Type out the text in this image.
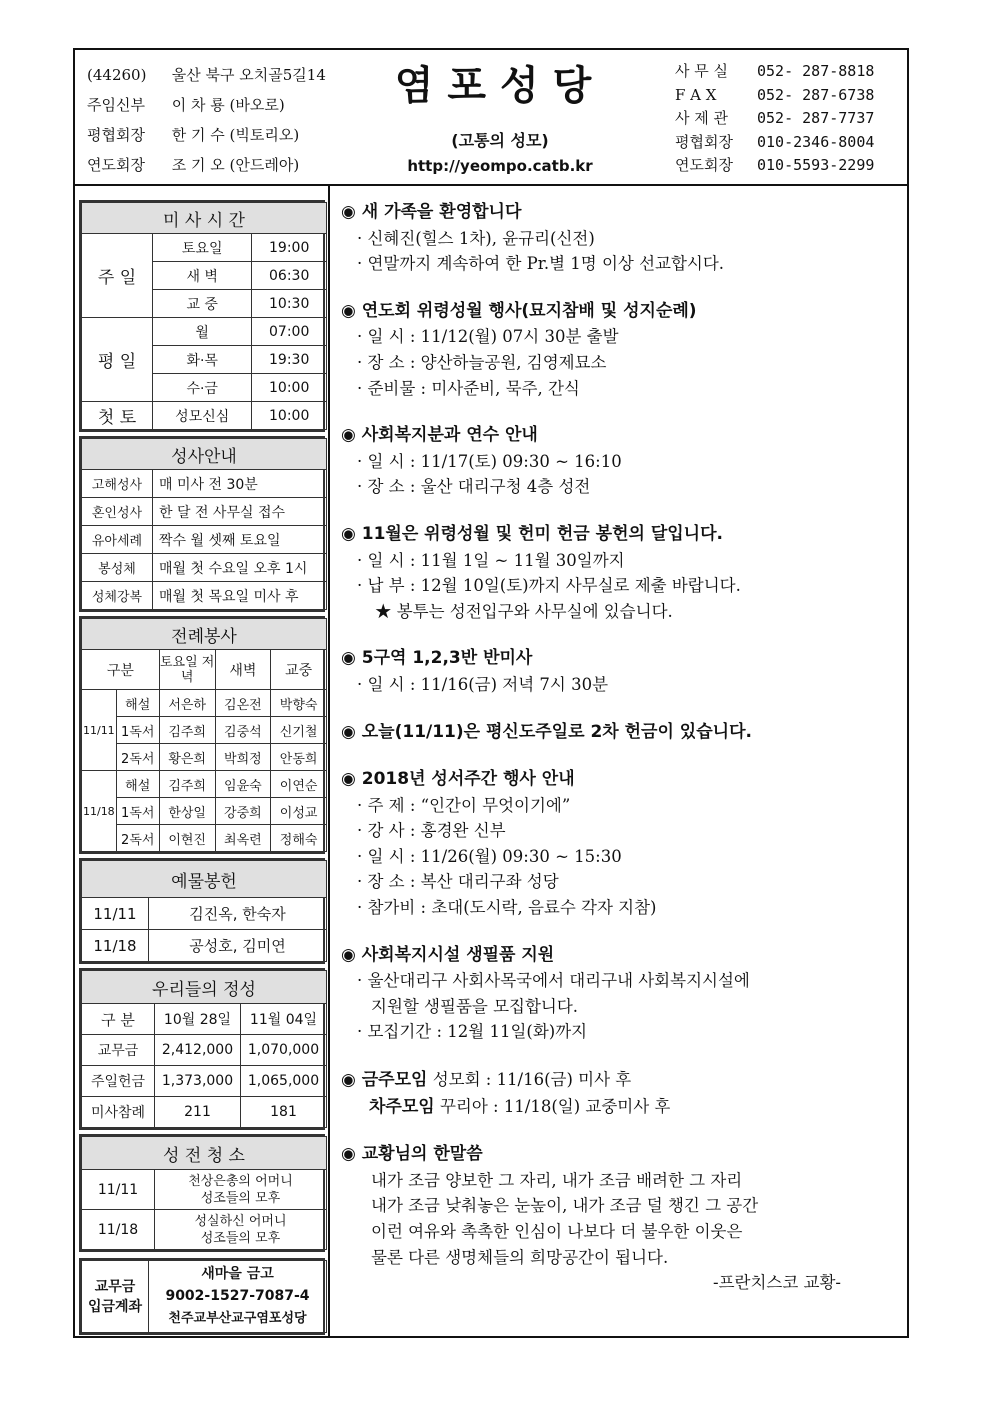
(44260) 울산 북구 오치골5길14
주임신부 이 차 룡 (바오로)
평협회장 한 기 수 (빅토리오)
연도회장 조 기 오 (안드레아)
염포성당
(고통의 성모)
http://yeompo.catb.kr
사 무 실 052- 287-8818
F A X	052- 287-6738
사 제 관 052- 287-7737
평협회장 010-2346-8004
연도회장 010-5593-2299
미 사 시 간		
주 일	토요일	19:00
	새 벽	06:30
	교 중	10:30
평 일	월	07:00
	화·목	19:30
	수·금	10:00
첫 토	성모신심	10:00
성사안내	
고해성사	매 미사 전 30분
혼인성사	한 달 전 사무실 접수
유아세례	짝수 월 셋째 토요일
봉성체	매월 첫 수요일 오후 1시
성체강복	매월 첫 목요일 미사 후
전례봉사				
구분		토요일 저녁	새벽	교중
11/11	해설	서은하	김온전	박향숙
	1독서	김주희	김중석	신기철
	2독서	황은희	박희정	안동희
11/18	해설	김주희	임윤숙	이연순
	1독서	한상일	강중희	이성교
	2독서	이현진	최옥련	정해숙
예물봉헌	
11/11	김진옥, 한숙자
11/18	공성호, 김미연
우리들의 정성		
구 분	10월 28일	11월 04일
교무금	2,412,000	1,070,000
주일헌금	1,373,000	1,065,000
미사참례	211	181
성 전 청 소	
11/11	천상은총의 어머니
성조들의 모후
11/18	성실하신 어머니
성조들의 모후
교무금
입금계좌	새마을 금고
9002-1527-7087-4
천주교부산교구염포성당
◉ 새 가족을 환영합니다
· 신혜진(힐스 1차), 윤규리(신전)
· 연말까지 계속하여 한 Pr.별 1명 이상 선교합시다.
◉ 연도회 위령성월 행사(묘지참배 및 성지순례)
· 일 시 : 11/12(월) 07시 30분 출발
· 장 소 : 양산하늘공원, 김영제묘소
· 준비물 : 미사준비, 묵주, 간식
◉ 사회복지분과 연수 안내
· 일 시 : 11/17(토) 09:30 ~ 16:10
· 장 소 : 울산 대리구청 4층 성전
◉ 11월은 위령성월 및 헌미 헌금 봉헌의 달입니다.
· 일 시 : 11월 1일 ~ 11월 30일까지
· 납 부 : 12월 10일(토)까지 사무실로 제출 바랍니다.
★ 봉투는 성전입구와 사무실에 있습니다.
◉ 5구역 1,2,3반 반미사
· 일 시 : 11/16(금) 저녁 7시 30분
◉ 오늘(11/11)은 평신도주일로 2차 헌금이 있습니다.
◉ 2018년 성서주간 행사 안내
· 주 제 : “인간이 무엇이기에”
· 강 사 : 홍경완 신부
· 일 시 : 11/26(월) 09:30 ~ 15:30
· 장 소 : 복산 대리구좌 성당
· 참가비 : 초대(도시락, 음료수 각자 지참)
◉ 사회복지시설 생필품 지원
· 울산대리구 사회사목국에서 대리구내 사회복지시설에
지원할 생필품을 모집합니다.
· 모집기간 : 12월 11일(화)까지
◉ 금주모임 성모회 : 11/16(금) 미사 후
차주모임 꾸리아 : 11/18(일) 교중미사 후
◉ 교황님의 한말씀
내가 조금 양보한 그 자리, 내가 조금 배려한 그 자리
내가 조금 낮춰놓은 눈높이, 내가 조금 덜 챙긴 그 공간
이런 여유와 촉촉한 인심이 나보다 더 불우한 이웃은
물론 다른 생명체들의 희망공간이 됩니다.
-프란치스코 교황-
